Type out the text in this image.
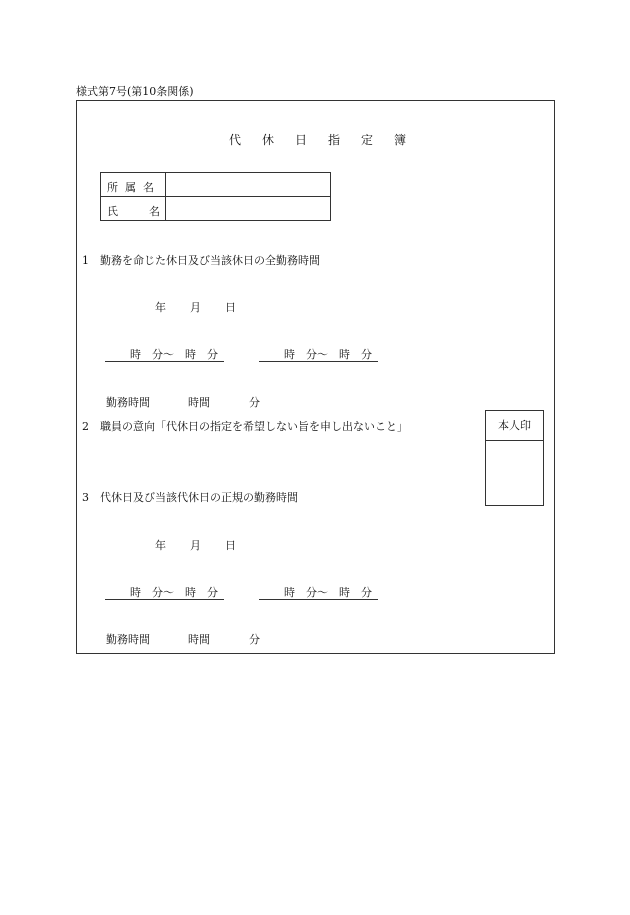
様式第7号(第10条関係)
代休日指定簿
所属名
氏名
1　勤務を命じた休日及び当該休日の全勤務時間
年 月 日
時　分～　時　分	時　分～　時　分
勤務時間	時間	分
2　職員の意向「代休日の指定を希望しない旨を申し出ないこと」	本人印
3　代休日及び当該代休日の正規の勤務時間
年 月 日
時　分～　時　分	時　分～　時　分
勤務時間	時間	分
